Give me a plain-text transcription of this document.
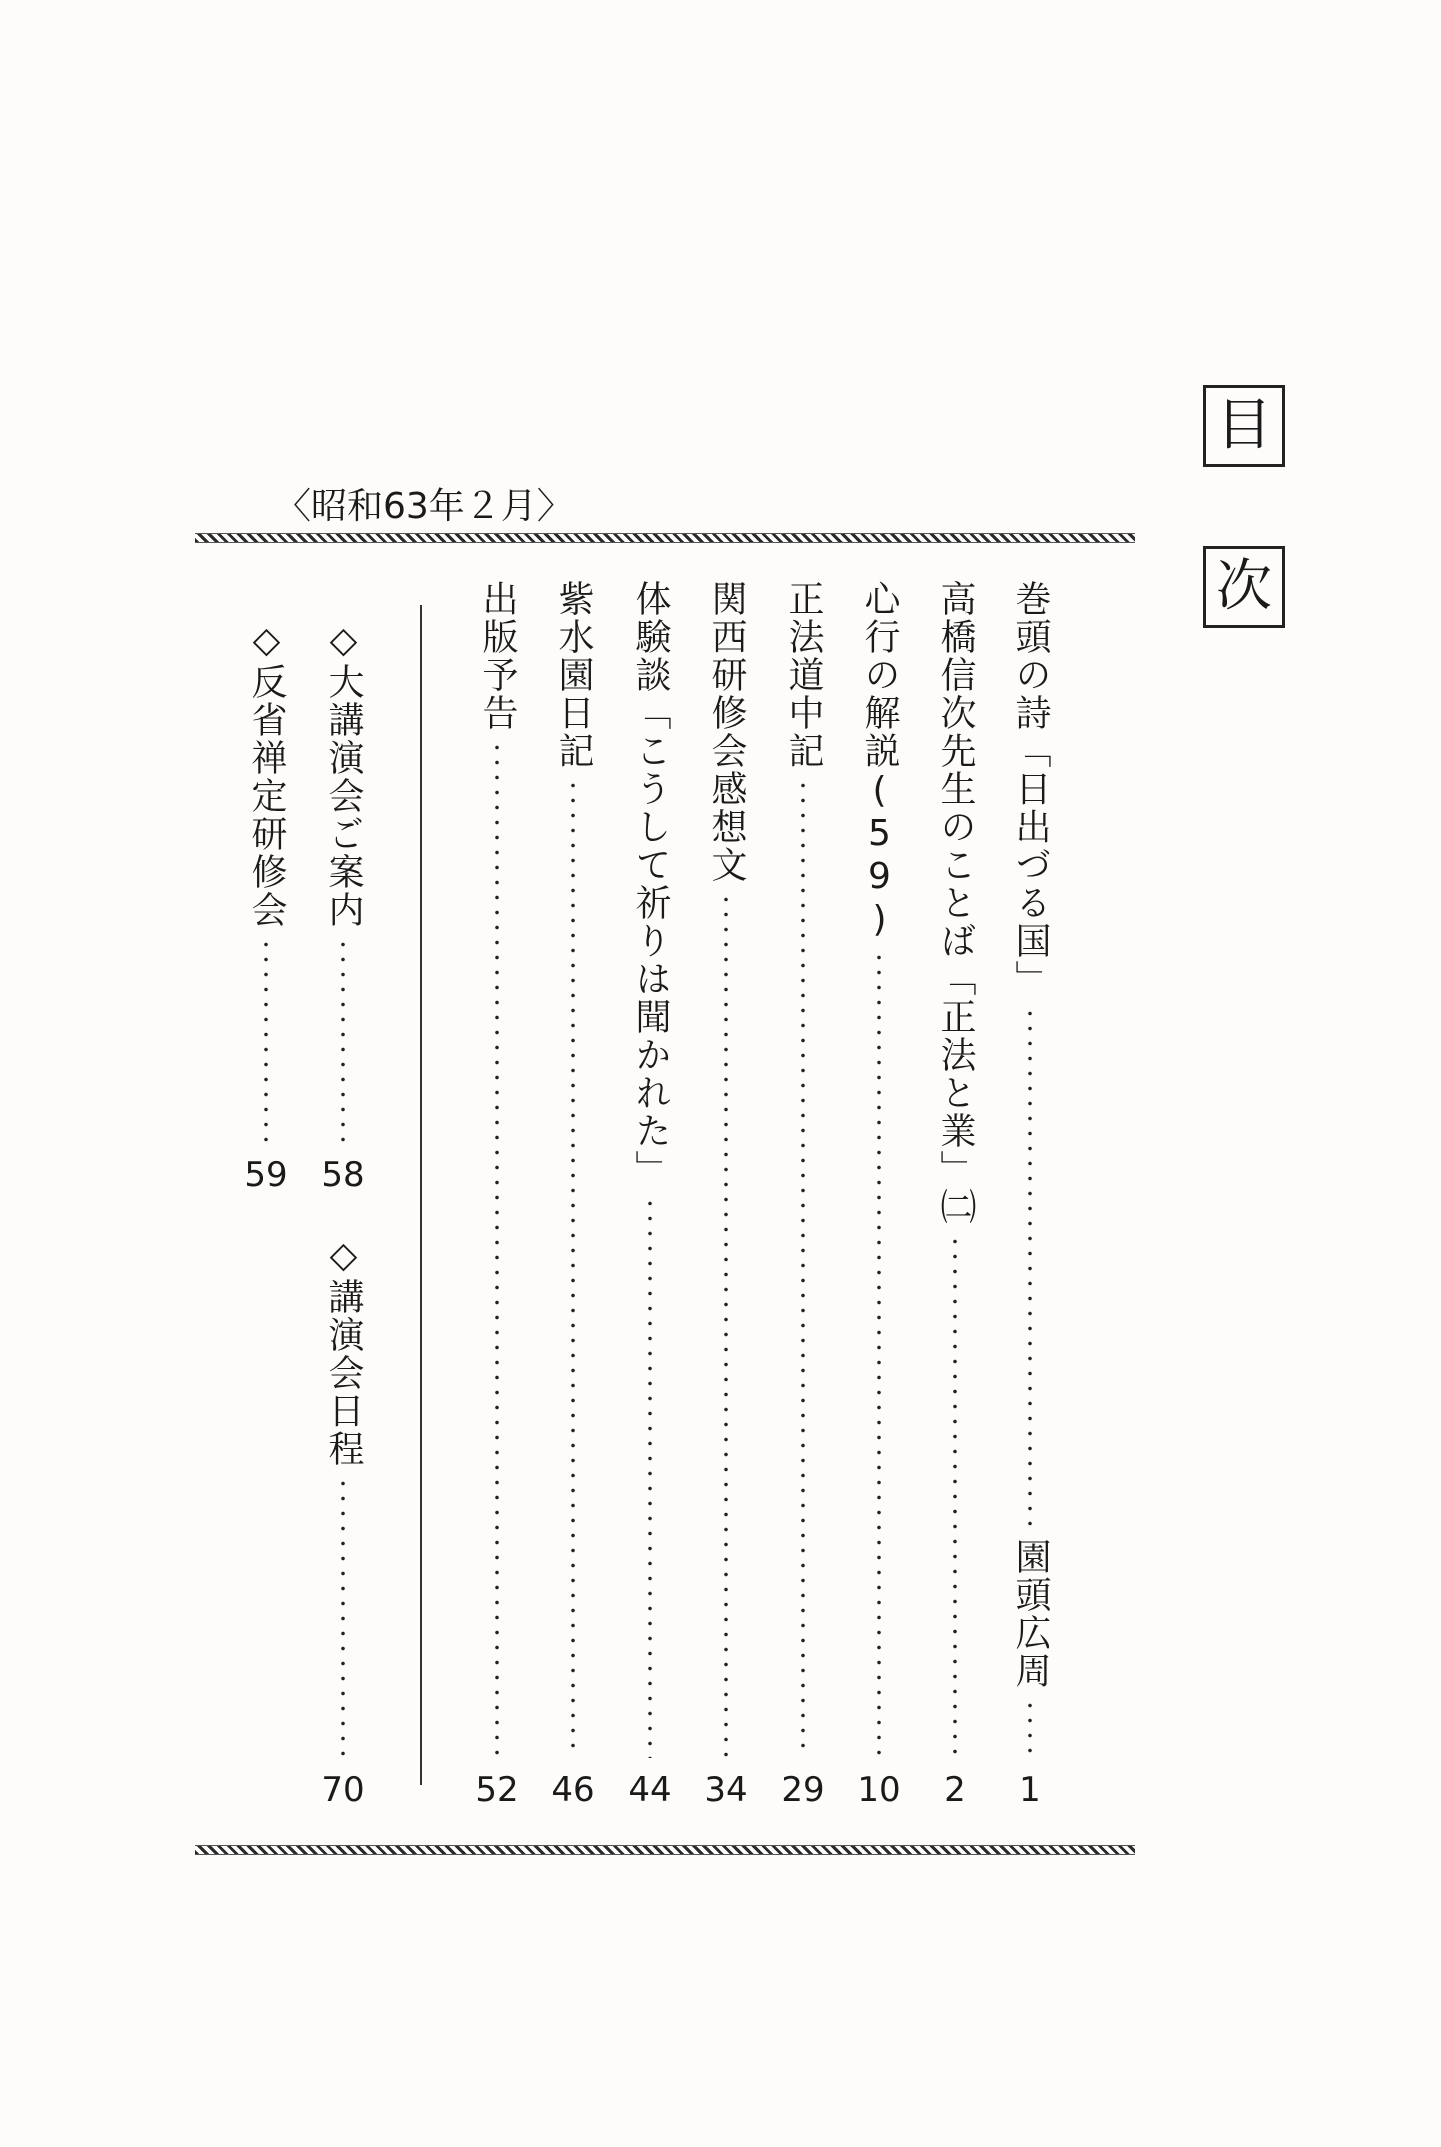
目
次
〈昭和63年２月〉
巻頭の詩「日出づる国」
園頭広周
1
高橋信次先生のことば「正法と業」㈡
2
心行の解説(59)
10
正法道中記
29
関西研修会感想文
34
体験談「こうして祈りは聞かれた」
44
紫水園日記
46
出版予告
52
◇大講演会ご案内
58
◇反省禅定研修会
59
◇講演会日程
70
